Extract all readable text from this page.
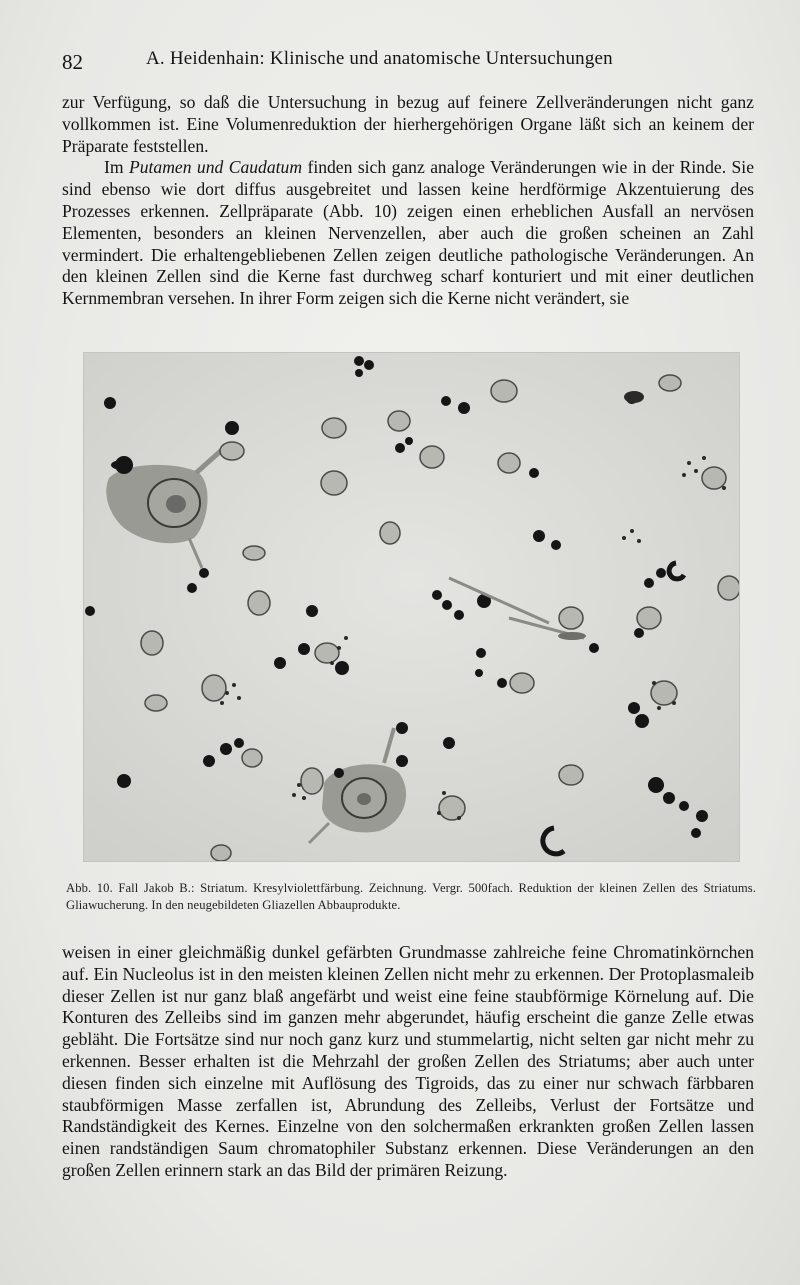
82	A. Heidenhain: Klinische und anatomische Untersuchungen

zur Verfügung, so daß die Untersuchung in bezug auf feinere Zellveränderungen nicht ganz vollkommen ist. Eine Volumenreduktion der hierhergehörigen Organe läßt sich an keinem der Präparate feststellen.

Im Putamen und Caudatum finden sich ganz analoge Veränderungen wie in der Rinde. Sie sind ebenso wie dort diffus ausgebreitet und lassen keine herdförmige Akzentuierung des Prozesses erkennen. Zellpräparate (Abb. 10) zeigen einen erheblichen Ausfall an nervösen Elementen, besonders an kleinen Nervenzellen, aber auch die großen scheinen an Zahl vermindert. Die erhaltengebliebenen Zellen zeigen deutliche pathologische Veränderungen. An den kleinen Zellen sind die Kerne fast durchweg scharf konturiert und mit einer deutlichen Kernmembran versehen. In ihrer Form zeigen sich die Kerne nicht verändert, sie

Abb. 10. Fall Jakob B.: Striatum. Kresylviolettfärbung. Zeichnung. Vergr. 500fach. Reduktion der kleinen Zellen des Striatums. Gliawucherung. In den neugebildeten Gliazellen Abbauprodukte.

weisen in einer gleichmäßig dunkel gefärbten Grundmasse zahlreiche feine Chromatinkörnchen auf. Ein Nucleolus ist in den meisten kleinen Zellen nicht mehr zu erkennen. Der Protoplasmaleib dieser Zellen ist nur ganz blaß angefärbt und weist eine feine staubförmige Körnelung auf. Die Konturen des Zelleibs sind im ganzen mehr abgerundet, häufig erscheint die ganze Zelle etwas gebläht. Die Fortsätze sind nur noch ganz kurz und stummelartig, nicht selten gar nicht mehr zu erkennen. Besser erhalten ist die Mehrzahl der großen Zellen des Striatums; aber auch unter diesen finden sich einzelne mit Auflösung des Tigroids, das zu einer nur schwach färbbaren staubförmigen Masse zerfallen ist, Abrundung des Zelleibs, Verlust der Fortsätze und Randständigkeit des Kernes. Einzelne von den solchermaßen erkrankten großen Zellen lassen einen randständigen Saum chromatophiler Substanz erkennen. Diese Veränderungen an den großen Zellen erinnern stark an das Bild der primären Reizung.
